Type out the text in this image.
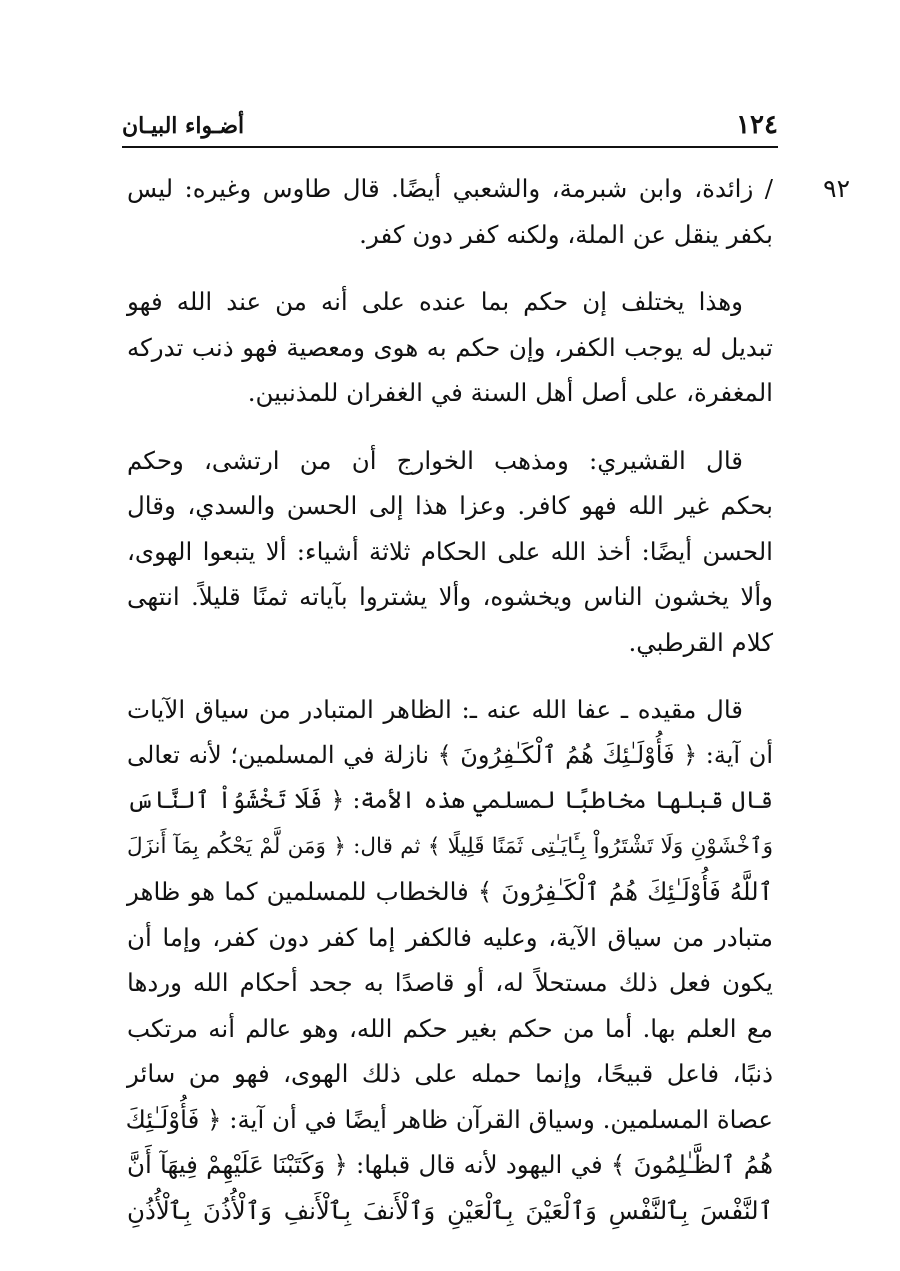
١٢٤
أضـواء البيـان
٩٢

/ زائدة، وابن شبرمة، والشعبي أيضًا. قال طاوس وغيره: ليس
بكفر ينقل عن الملة، ولكنه كفر دون كفر.

وهذا يختلف إن حكم بما عنده على أنه من عند الله فهو
تبديل له يوجب الكفر، وإن حكم به هوى ومعصية فهو ذنب تدركه
المغفرة، على أصل أهل السنة في الغفران للمذنبين.

قال القشيري: ومذهب الخوارج أن من ارتشى، وحكم
بحكم غير الله فهو كافر. وعزا هذا إلى الحسن والسدي، وقال
الحسن أيضًا: أخذ الله على الحكام ثلاثة أشياء: ألا يتبعوا الهوى،
وألا يخشون الناس ويخشوه، وألا يشتروا بآياته ثمنًا قليلاً. انتهى
كلام القرطبي.

قال مقيده ـ عفا الله عنه ـ: الظاهر المتبادر من سياق الآيات
أن آية: ﴿ فَأُوْلَـٰئِكَ هُمُ ٱلْكَـٰفِرُونَ ﴾ نازلة في المسلمين؛ لأنه تعالى
قال قبلها مخاطبًا لمسلمي هذه الأمة: ﴿ فَلَا تَخْشَوُاْ ٱلنَّاسَ
وَٱخْشَوْنِ وَلَا تَشْتَرُواْ بِـَٔايَـٰتِى ثَمَنًا قَلِيلًا ﴾ ثم قال: ﴿ وَمَن لَّمْ يَحْكُم بِمَآ أَنزَلَ
ٱللَّهُ فَأُوْلَـٰئِكَ هُمُ ٱلْكَـٰفِرُونَ ﴾ فالخطاب للمسلمين كما هو ظاهر
متبادر من سياق الآية، وعليه فالكفر إما كفر دون كفر، وإما أن
يكون فعل ذلك مستحلاً له، أو قاصدًا به جحد أحكام الله وردها
مع العلم بها. أما من حكم بغير حكم الله، وهو عالم أنه مرتكب
ذنبًا، فاعل قبيحًا، وإنما حمله على ذلك الهوى، فهو من سائر
عصاة المسلمين. وسياق القرآن ظاهر أيضًا في أن آية: ﴿ فَأُوْلَـٰئِكَ
هُمُ ٱلظَّـٰلِمُونَ ﴾ في اليهود لأنه قال قبلها: ﴿ وَكَتَبْنَا عَلَيْهِمْ فِيهَآ أَنَّ
ٱلنَّفْسَ بِٱلنَّفْسِ وَٱلْعَيْنَ بِٱلْعَيْنِ وَٱلْأَنفَ بِٱلْأَنفِ وَٱلْأُذُنَ بِٱلْأُذُنِ
